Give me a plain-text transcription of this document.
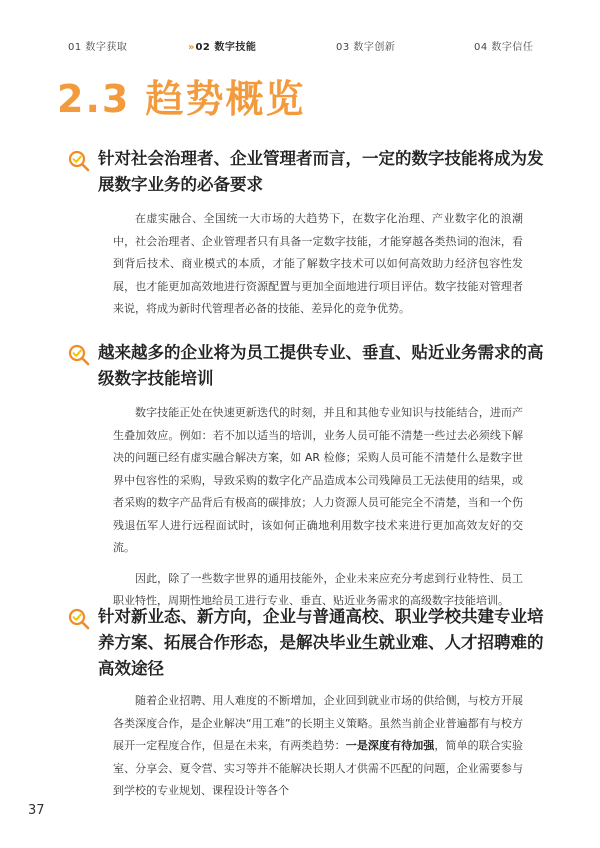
01 数字获取	» 02 数字技能	03 数字创新	04 数字信任
2.3 趋势概览
针对社会治理者、企业管理者而言，一定的数字技能将成为发展数字业务的必备要求

在虚实融合、全国统一大市场的大趋势下，在数字化治理、产业数字化的浪潮中，社会治理者、企业管理者只有具备一定数字技能，才能穿越各类热词的泡沫，看到背后技术、商业模式的本质，才能了解数字技术可以如何高效助力经济包容性发展，也才能更加高效地进行资源配置与更加全面地进行项目评估。数字技能对管理者来说，将成为新时代管理者必备的技能、差异化的竞争优势。

越来越多的企业将为员工提供专业、垂直、贴近业务需求的高级数字技能培训

数字技能正处在快速更新迭代的时刻，并且和其他专业知识与技能结合，进而产生叠加效应。例如：若不加以适当的培训，业务人员可能不清楚一些过去必须线下解决的问题已经有虚实融合解决方案，如 AR 检修；采购人员可能不清楚什么是数字世界中包容性的采购，导致采购的数字化产品造成本公司残障员工无法使用的结果，或者采购的数字产品背后有极高的碳排放；人力资源人员可能完全不清楚，当和一个伤残退伍军人进行远程面试时，该如何正确地利用数字技术来进行更加高效友好的交流。

因此，除了一些数字世界的通用技能外，企业未来应充分考虑到行业特性、员工职业特性，周期性地给员工进行专业、垂直、贴近业务需求的高级数字技能培训。

针对新业态、新方向，企业与普通高校、职业学校共建专业培养方案、拓展合作形态，是解决毕业生就业难、人才招聘难的高效途径

随着企业招聘、用人难度的不断增加，企业回到就业市场的供给侧，与校方开展各类深度合作，是企业解决“用工难”的长期主义策略。虽然当前企业普遍都有与校方展开一定程度合作，但是在未来，有两类趋势：一是深度有待加强，简单的联合实验室、分享会、夏令营、实习等并不能解决长期人才供需不匹配的问题，企业需要参与到学校的专业规划、课程设计等各个

37
